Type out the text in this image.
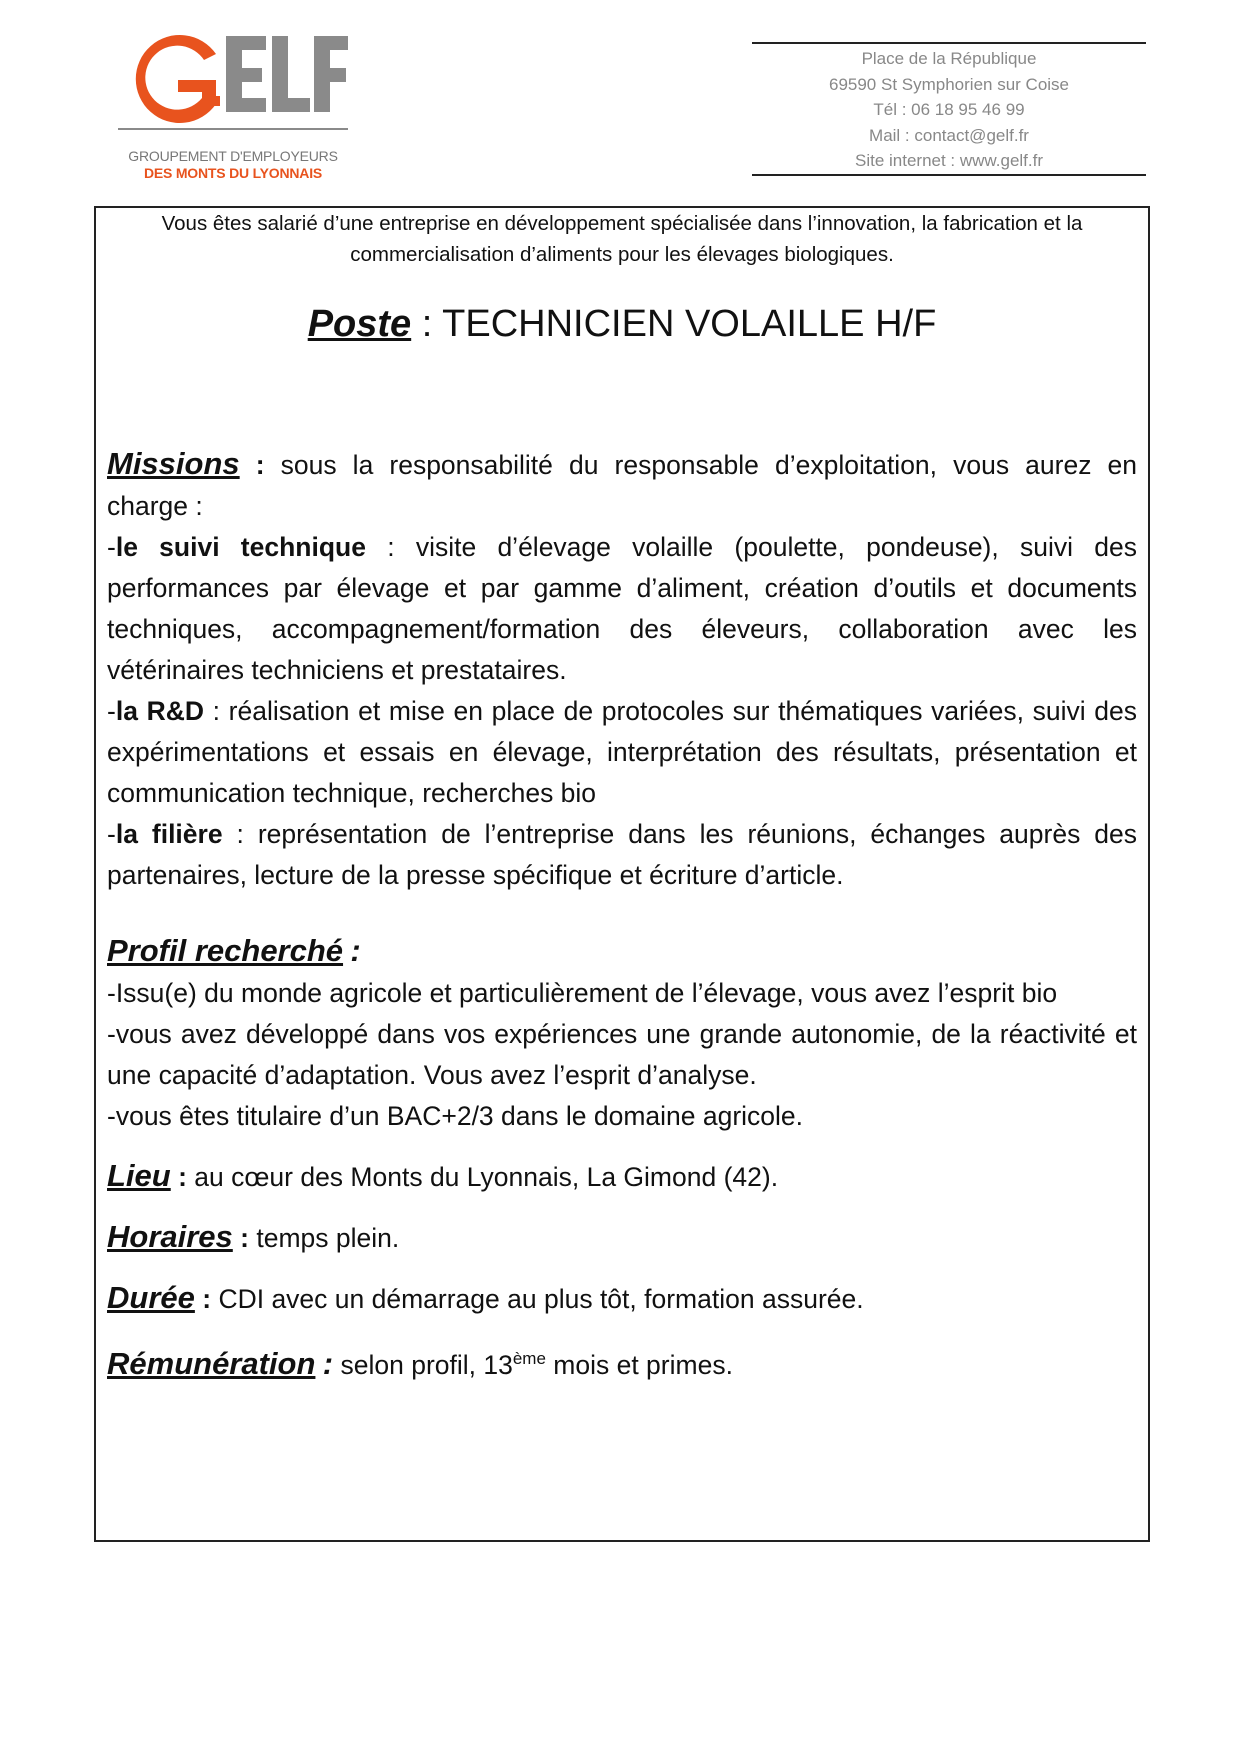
GROUPEMENT D'EMPLOYEURS
DES MONTS DU LYONNAIS
Place de la République
69590 St Symphorien sur Coise
Tél : 06 18 95 46 99
Mail : contact@gelf.fr
Site internet : www.gelf.fr
Vous êtes salarié d’une entreprise en développement spécialisée dans l’innovation, la fabrication et la commercialisation d’aliments pour les élevages biologiques.
Poste : TECHNICIEN VOLAILLE H/F

Missions : sous la responsabilité du responsable d’exploitation, vous aurez en charge :

-le suivi technique : visite d’élevage volaille (poulette, pondeuse), suivi des performances par élevage et par gamme d’aliment, création d’outils et documents techniques, accompagnement/formation des éleveurs, collaboration avec les vétérinaires techniciens et prestataires.

-la R&D : réalisation et mise en place de protocoles sur thématiques variées, suivi des expérimentations et essais en élevage, interprétation des résultats, présentation et communication technique, recherches bio

-la filière : représentation de l’entreprise dans les réunions, échanges auprès des partenaires, lecture de la presse spécifique et écriture d’article.

Profil recherché :

-Issu(e) du monde agricole et particulièrement de l’élevage, vous avez l’esprit bio

-vous avez développé dans vos expériences une grande autonomie, de la réactivité et une capacité d’adaptation. Vous avez l’esprit d’analyse.

-vous êtes titulaire d’un BAC+2/3 dans le domaine agricole.

Lieu : au cœur des Monts du Lyonnais, La Gimond (42).

Horaires : temps plein.

Durée : CDI avec un démarrage au plus tôt, formation assurée.

Rémunération : selon profil, 13ème mois et primes.
